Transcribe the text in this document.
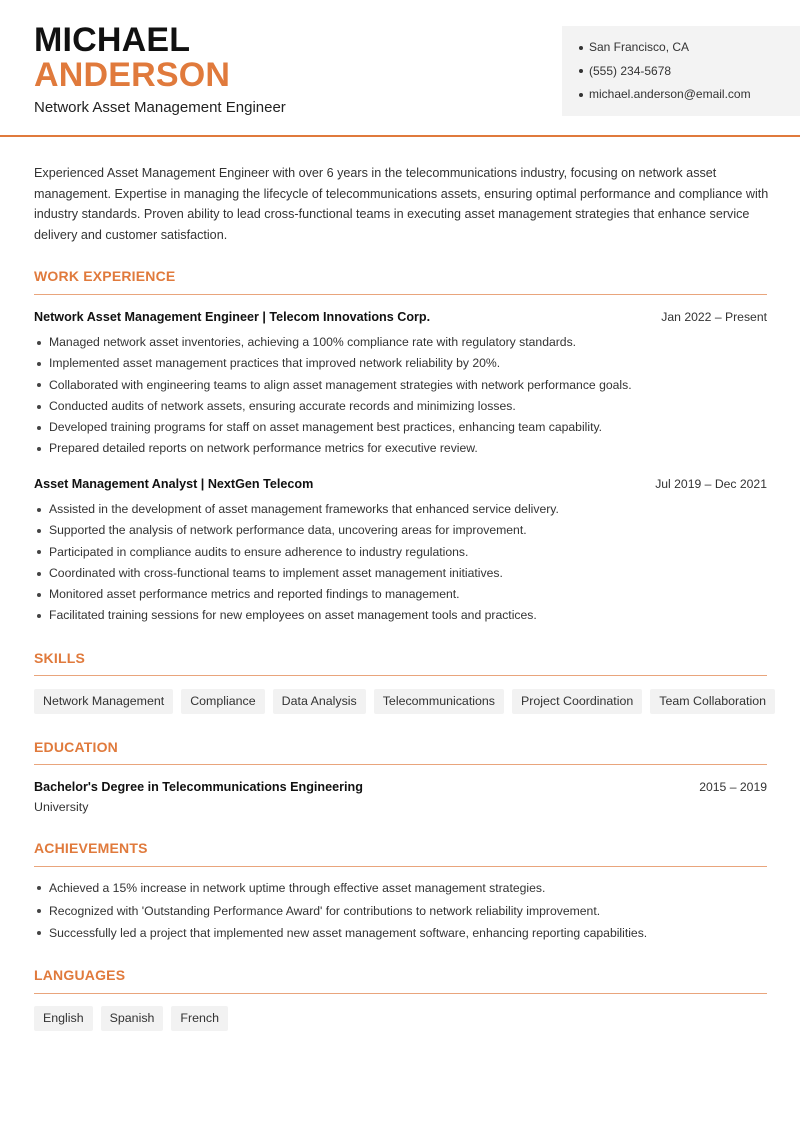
MICHAEL
ANDERSON
Network Asset Management Engineer
San Francisco, CA
(555) 234-5678
michael.anderson@email.com
Experienced Asset Management Engineer with over 6 years in the telecommunications industry, focusing on network asset management. Expertise in managing the lifecycle of telecommunications assets, ensuring optimal performance and compliance with industry standards. Proven ability to lead cross-functional teams in executing asset management strategies that enhance service delivery and customer satisfaction.
WORK EXPERIENCE
Network Asset Management Engineer | Telecom Innovations Corp.	Jan 2022 – Present
Managed network asset inventories, achieving a 100% compliance rate with regulatory standards.
Implemented asset management practices that improved network reliability by 20%.
Collaborated with engineering teams to align asset management strategies with network performance goals.
Conducted audits of network assets, ensuring accurate records and minimizing losses.
Developed training programs for staff on asset management best practices, enhancing team capability.
Prepared detailed reports on network performance metrics for executive review.
Asset Management Analyst | NextGen Telecom	Jul 2019 – Dec 2021
Assisted in the development of asset management frameworks that enhanced service delivery.
Supported the analysis of network performance data, uncovering areas for improvement.
Participated in compliance audits to ensure adherence to industry regulations.
Coordinated with cross-functional teams to implement asset management initiatives.
Monitored asset performance metrics and reported findings to management.
Facilitated training sessions for new employees on asset management tools and practices.
SKILLS
Network Management	Compliance	Data Analysis	Telecommunications	Project Coordination	Team Collaboration
EDUCATION
Bachelor's Degree in Telecommunications Engineering	2015 – 2019
University
ACHIEVEMENTS
Achieved a 15% increase in network uptime through effective asset management strategies.
Recognized with 'Outstanding Performance Award' for contributions to network reliability improvement.
Successfully led a project that implemented new asset management software, enhancing reporting capabilities.
LANGUAGES
English	Spanish	French
